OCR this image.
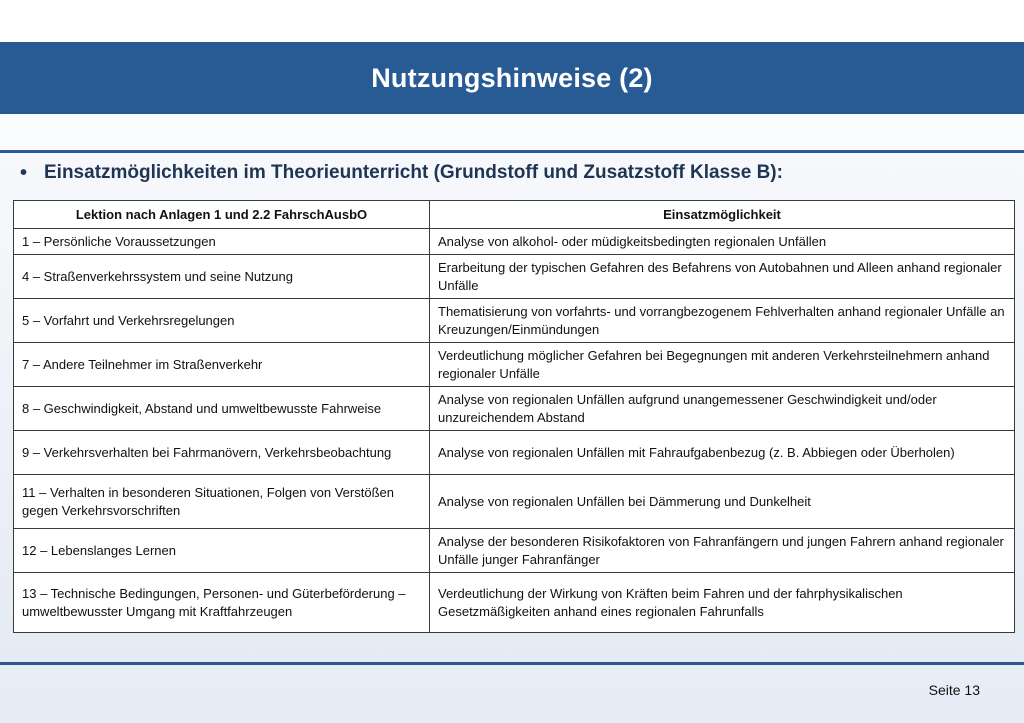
Nutzungshinweise (2)
• Einsatzmöglichkeiten im Theorieunterricht (Grundstoff und Zusatzstoff Klasse B):
Lektion nach Anlagen 1 und 2.2 FahrschAusbO	Einsatzmöglichkeit
1 – Persönliche Voraussetzungen	Analyse von alkohol- oder müdigkeitsbedingten regionalen Unfällen
4 – Straßenverkehrssystem und seine Nutzung	Erarbeitung der typischen Gefahren des Befahrens von Autobahnen und Alleen anhand regionaler Unfälle
5 – Vorfahrt und Verkehrsregelungen	Thematisierung von vorfahrts- und vorrangbezogenem Fehlverhalten anhand regionaler Unfälle an Kreuzungen/Einmündungen
7 – Andere Teilnehmer im Straßenverkehr	Verdeutlichung möglicher Gefahren bei Begegnungen mit anderen Verkehrsteilnehmern anhand regionaler Unfälle
8 – Geschwindigkeit, Abstand und umweltbewusste Fahrweise	Analyse von regionalen Unfällen aufgrund unangemessener Geschwindigkeit und/oder unzureichendem Abstand
9 – Verkehrsverhalten bei Fahrmanövern, Verkehrsbeobachtung	Analyse von regionalen Unfällen mit Fahraufgabenbezug (z. B. Abbiegen oder Überholen)
11 – Verhalten in besonderen Situationen, Folgen von Verstößen gegen Verkehrsvorschriften	Analyse von regionalen Unfällen bei Dämmerung und Dunkelheit
12 – Lebenslanges Lernen	Analyse der besonderen Risikofaktoren von Fahranfängern und jungen Fahrern anhand regionaler Unfälle junger Fahranfänger
13 – Technische Bedingungen, Personen- und Güterbeförderung – umweltbewusster Umgang mit Kraftfahrzeugen	Verdeutlichung der Wirkung von Kräften beim Fahren und der fahrphysikalischen Gesetzmäßigkeiten anhand eines regionalen Fahrunfalls
Seite 13
